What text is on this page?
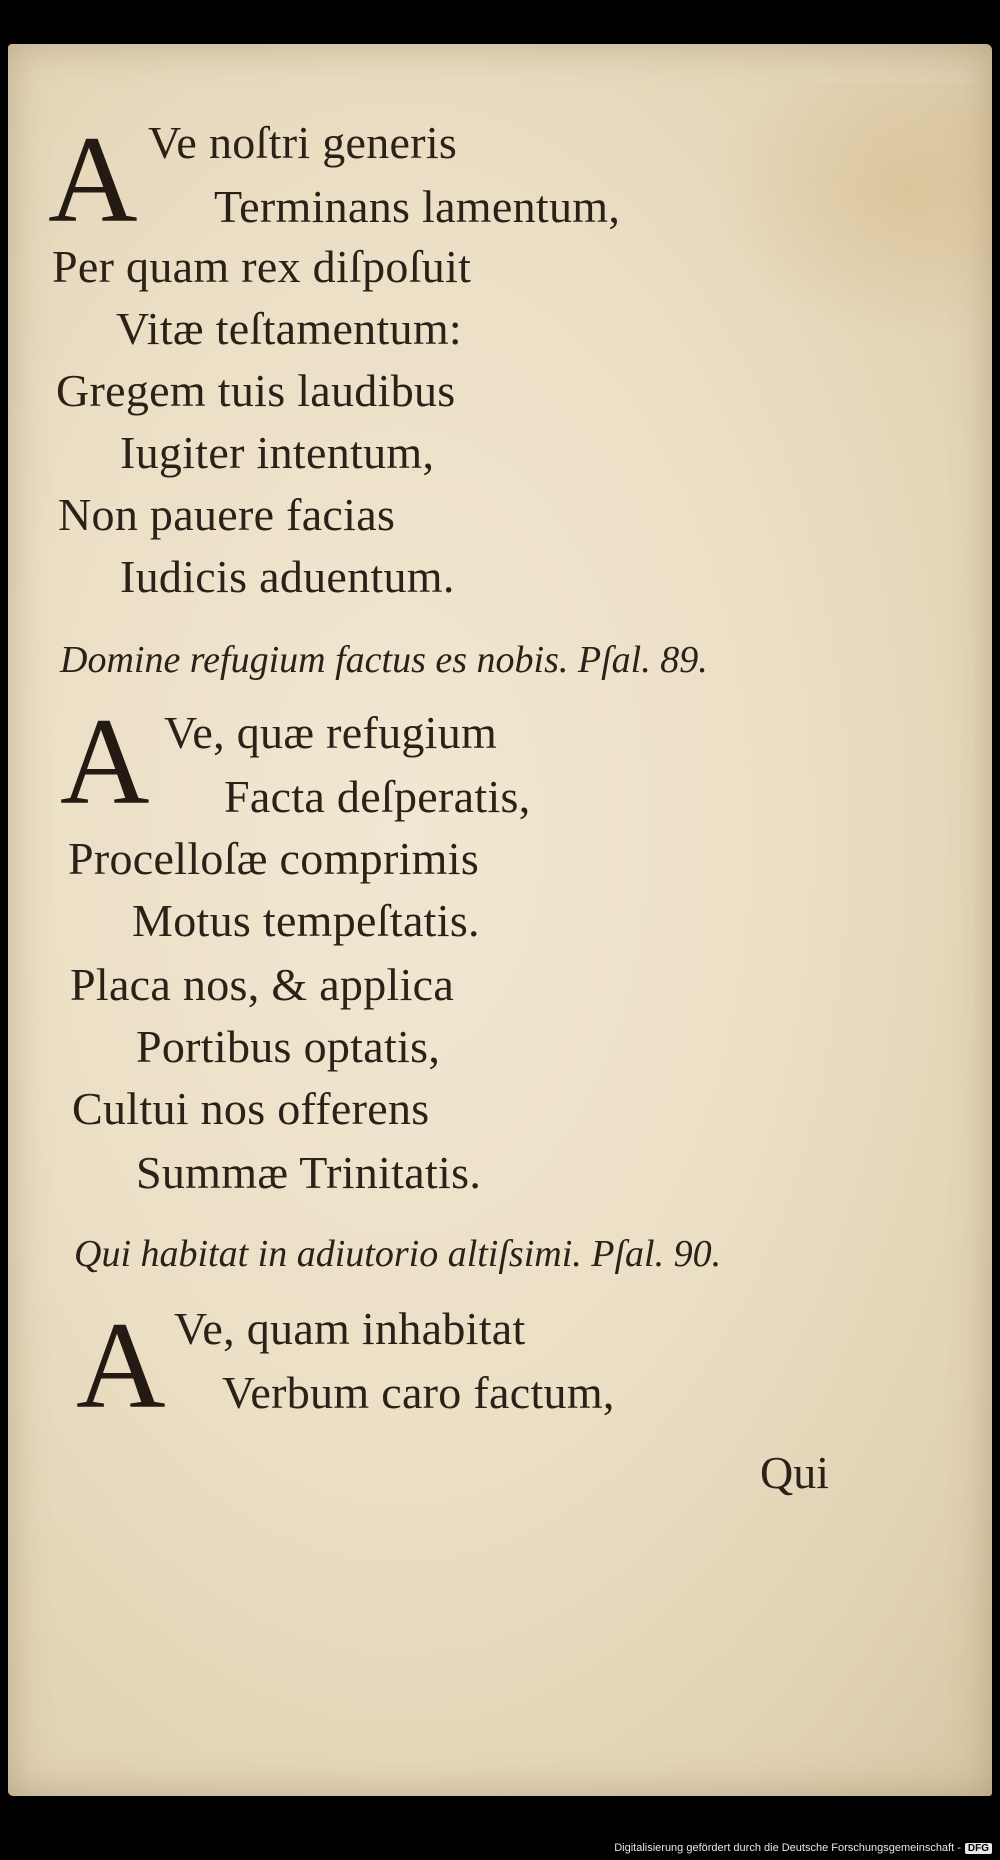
A Ve noſtri generis
Terminans lamentum,
Per quam rex diſpoſuit
Vitæ teſtamentum:
Gregem tuis laudibus
Iugiter intentum,
Non pauere facias
Iudicis aduentum.
Domine refugium factus es nobis. Pſal. 89.
A Ve, quæ refugium
Facta deſperatis,
Procelloſæ comprimis
Motus tempeſtatis.
Placa nos, & applica
Portibus optatis,
Cultui nos offerens
Summæ Trinitatis.
Qui habitat in adiutorio altiſsimi. Pſal. 90.
A Ve, quam inhabitat
Verbum caro factum,
Qui
Digitalisierung gefördert durch die Deutsche Forschungsgemeinschaft - DFG
